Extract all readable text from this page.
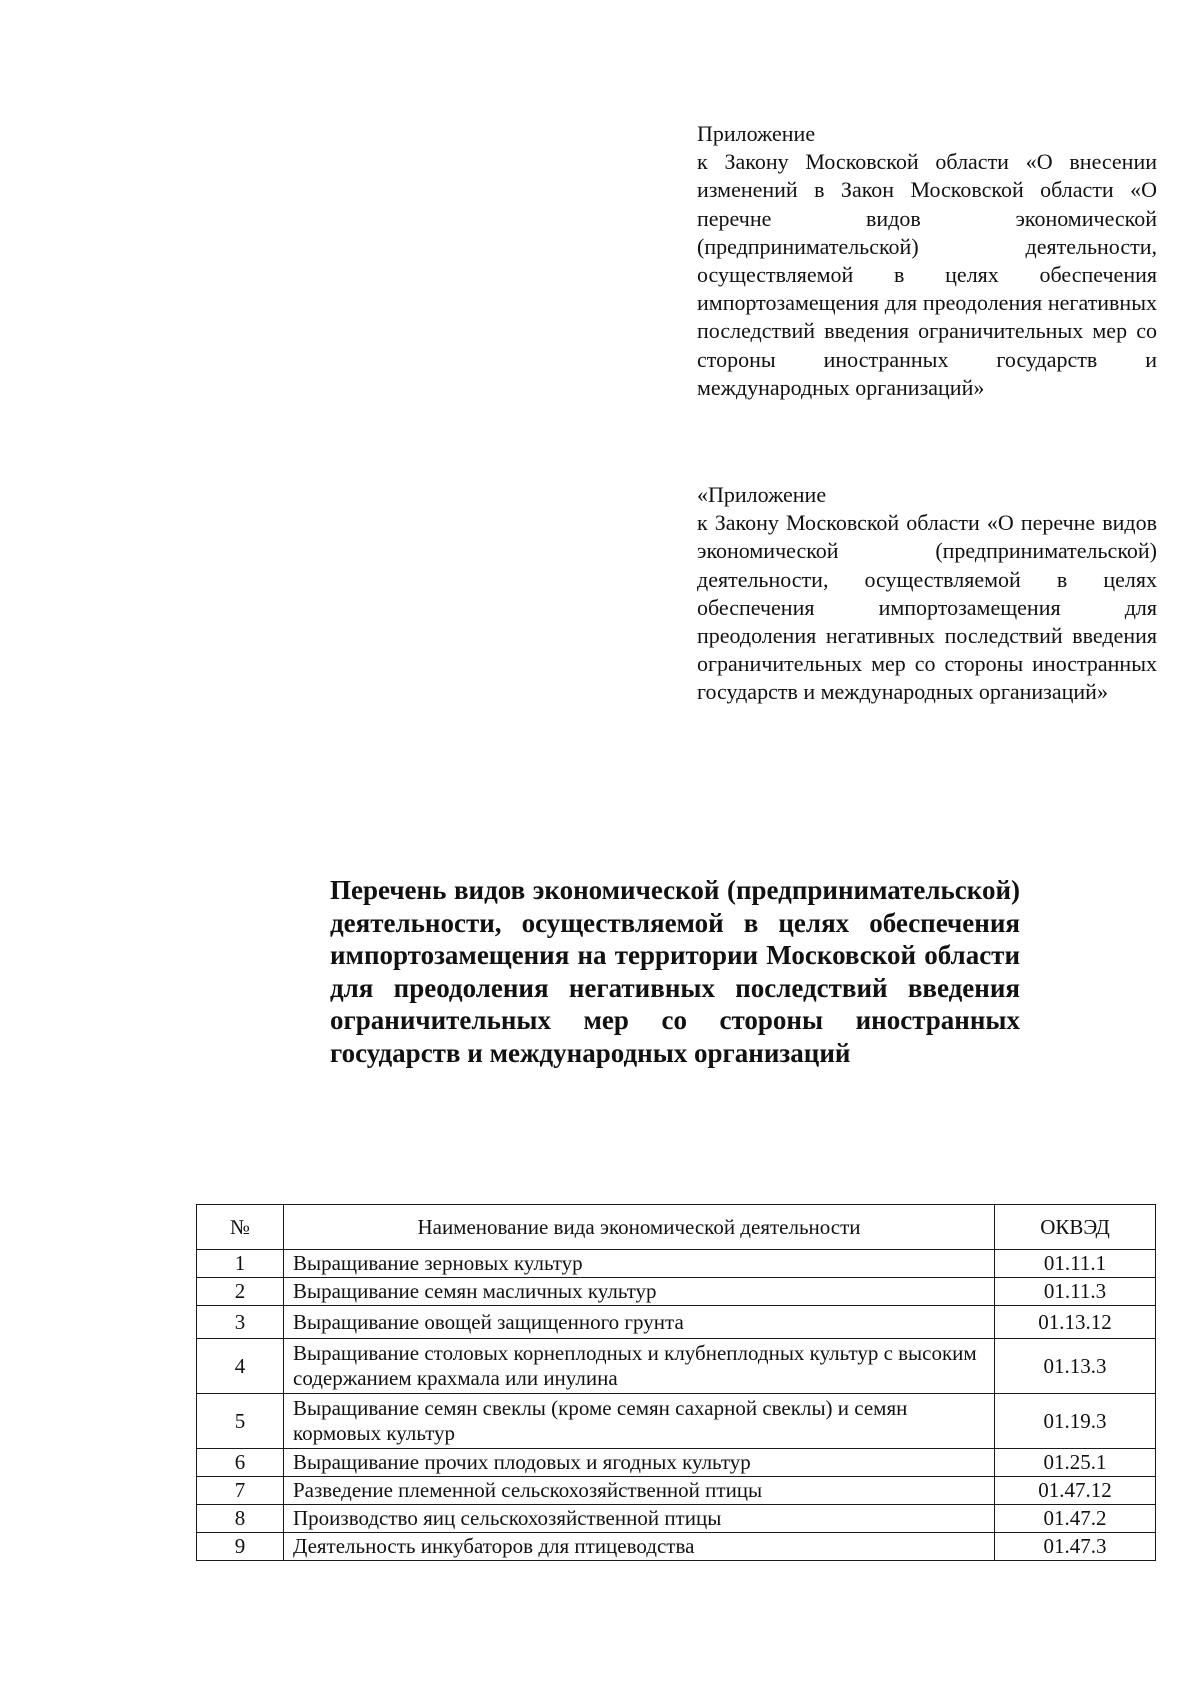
Приложение
к Закону Московской области «О внесении изменений в Закон Московской области «О перечне видов экономической (предпринимательской) деятельности, осуществляемой в целях обеспечения импортозамещения для преодоления негативных последствий введения ограничительных мер со стороны иностранных государств и международных организаций»
«Приложение
к Закону Московской области «О перечне видов экономической (предпринимательской) деятельности, осуществляемой в целях обеспечения импортозамещения для преодоления негативных последствий введения ограничительных мер со стороны иностранных государств и международных организаций»
Перечень видов экономической (предпринимательской) деятельности, осуществляемой в целях обеспечения импортозамещения на территории Московской области для преодоления негативных последствий введения ограничительных мер со стороны иностранных государств и международных организаций
№	Наименование вида экономической деятельности	ОКВЭД
1	Выращивание зерновых культур	01.11.1
2	Выращивание семян масличных культур	01.11.3
3	Выращивание овощей защищенного грунта	01.13.12
4	Выращивание столовых корнеплодных и клубнеплодных культур с высоким содержанием крахмала или инулина	01.13.3
5	Выращивание семян свеклы (кроме семян сахарной свеклы) и семян кормовых культур	01.19.3
6	Выращивание прочих плодовых и ягодных культур	01.25.1
7	Разведение племенной сельскохозяйственной птицы	01.47.12
8	Производство яиц сельскохозяйственной птицы	01.47.2
9	Деятельность инкубаторов для птицеводства	01.47.3
